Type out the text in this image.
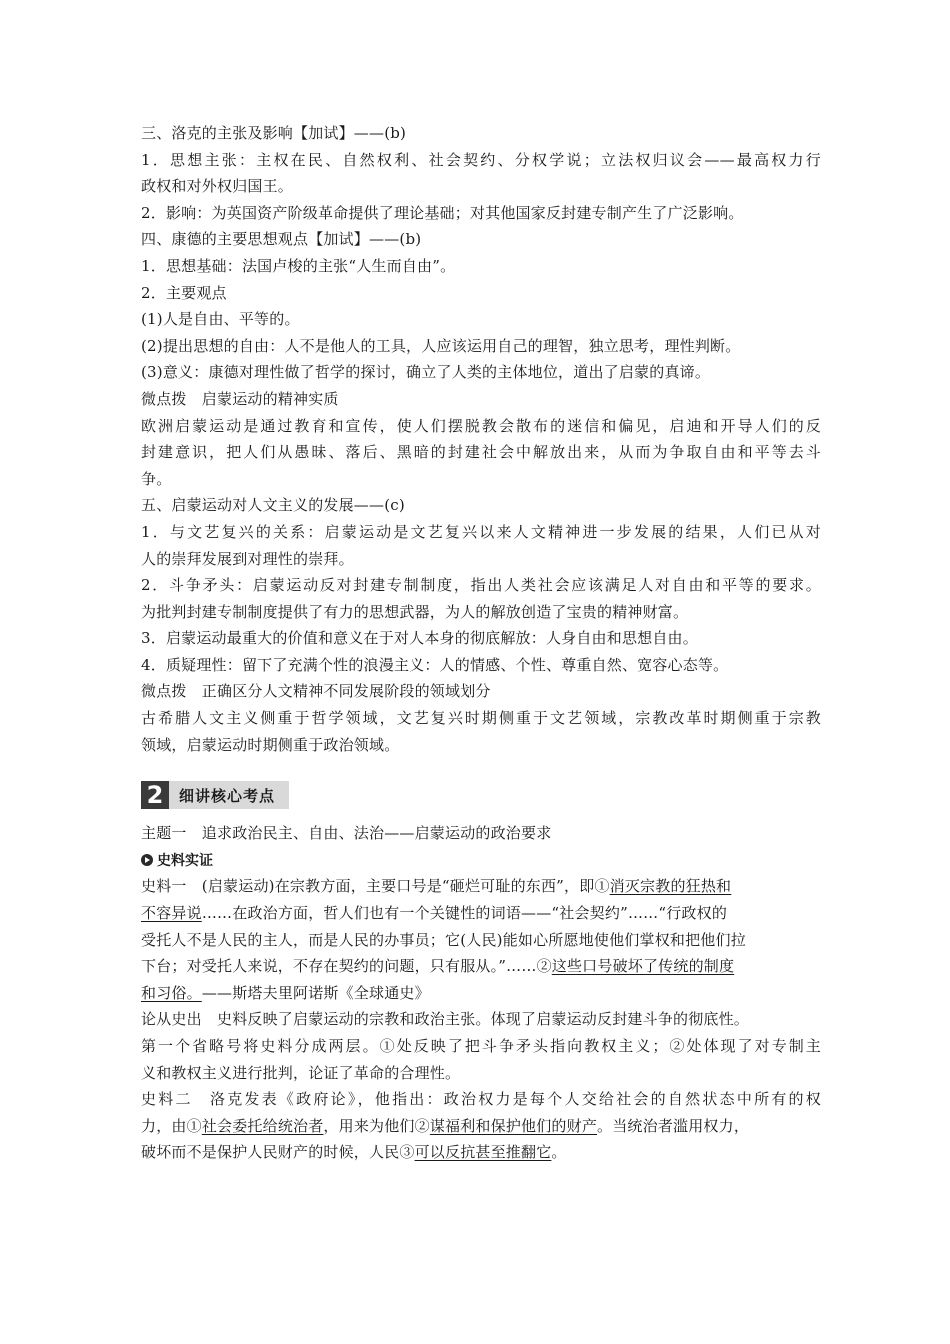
三、洛克的主张及影响【加试】——(b)
1．思想主张：主权在民、自然权利、社会契约、分权学说；立法权归议会——最高权力行
政权和对外权归国王。
2．影响：为英国资产阶级革命提供了理论基础；对其他国家反封建专制产生了广泛影响。
四、康德的主要思想观点【加试】——(b)
1．思想基础：法国卢梭的主张“人生而自由”。
2．主要观点
(1)人是自由、平等的。
(2)提出思想的自由：人不是他人的工具，人应该运用自己的理智，独立思考，理性判断。
(3)意义：康德对理性做了哲学的探讨，确立了人类的主体地位，道出了启蒙的真谛。
微点拨　启蒙运动的精神实质
欧洲启蒙运动是通过教育和宣传，使人们摆脱教会散布的迷信和偏见，启迪和开导人们的反
封建意识，把人们从愚昧、落后、黑暗的封建社会中解放出来，从而为争取自由和平等去斗
争。
五、启蒙运动对人文主义的发展——(c)
1．与文艺复兴的关系：启蒙运动是文艺复兴以来人文精神进一步发展的结果，人们已从对
人的崇拜发展到对理性的崇拜。
2．斗争矛头：启蒙运动反对封建专制制度，指出人类社会应该满足人对自由和平等的要求。
为批判封建专制制度提供了有力的思想武器，为人的解放创造了宝贵的精神财富。
3．启蒙运动最重大的价值和意义在于对人本身的彻底解放：人身自由和思想自由。
4．质疑理性：留下了充满个性的浪漫主义：人的情感、个性、尊重自然、宽容心态等。
微点拨　正确区分人文精神不同发展阶段的领域划分
古希腊人文主义侧重于哲学领域，文艺复兴时期侧重于文艺领域，宗教改革时期侧重于宗教
领域，启蒙运动时期侧重于政治领域。
2	细讲核心考点
主题一　追求政治民主、自由、法治——启蒙运动的政治要求
史料实证
史料一　(启蒙运动)在宗教方面，主要口号是“砸烂可耻的东西”，即①消灭宗教的狂热和
不容异说……在政治方面，哲人们也有一个关键性的词语——“社会契约”……“行政权的
受托人不是人民的主人，而是人民的办事员；它(人民)能如心所愿地使他们掌权和把他们拉
下台；对受托人来说，不存在契约的问题，只有服从。”……②这些口号破坏了传统的制度
和习俗。——斯塔夫里阿诺斯《全球通史》
论从史出　史料反映了启蒙运动的宗教和政治主张。体现了启蒙运动反封建斗争的彻底性。
第一个省略号将史料分成两层。①处反映了把斗争矛头指向教权主义；②处体现了对专制主
义和教权主义进行批判，论证了革命的合理性。
史料二　洛克发表《政府论》，他指出：政治权力是每个人交给社会的自然状态中所有的权
力，由①社会委托给统治者，用来为他们②谋福利和保护他们的财产。当统治者滥用权力，
破坏而不是保护人民财产的时候，人民③可以反抗甚至推翻它。
